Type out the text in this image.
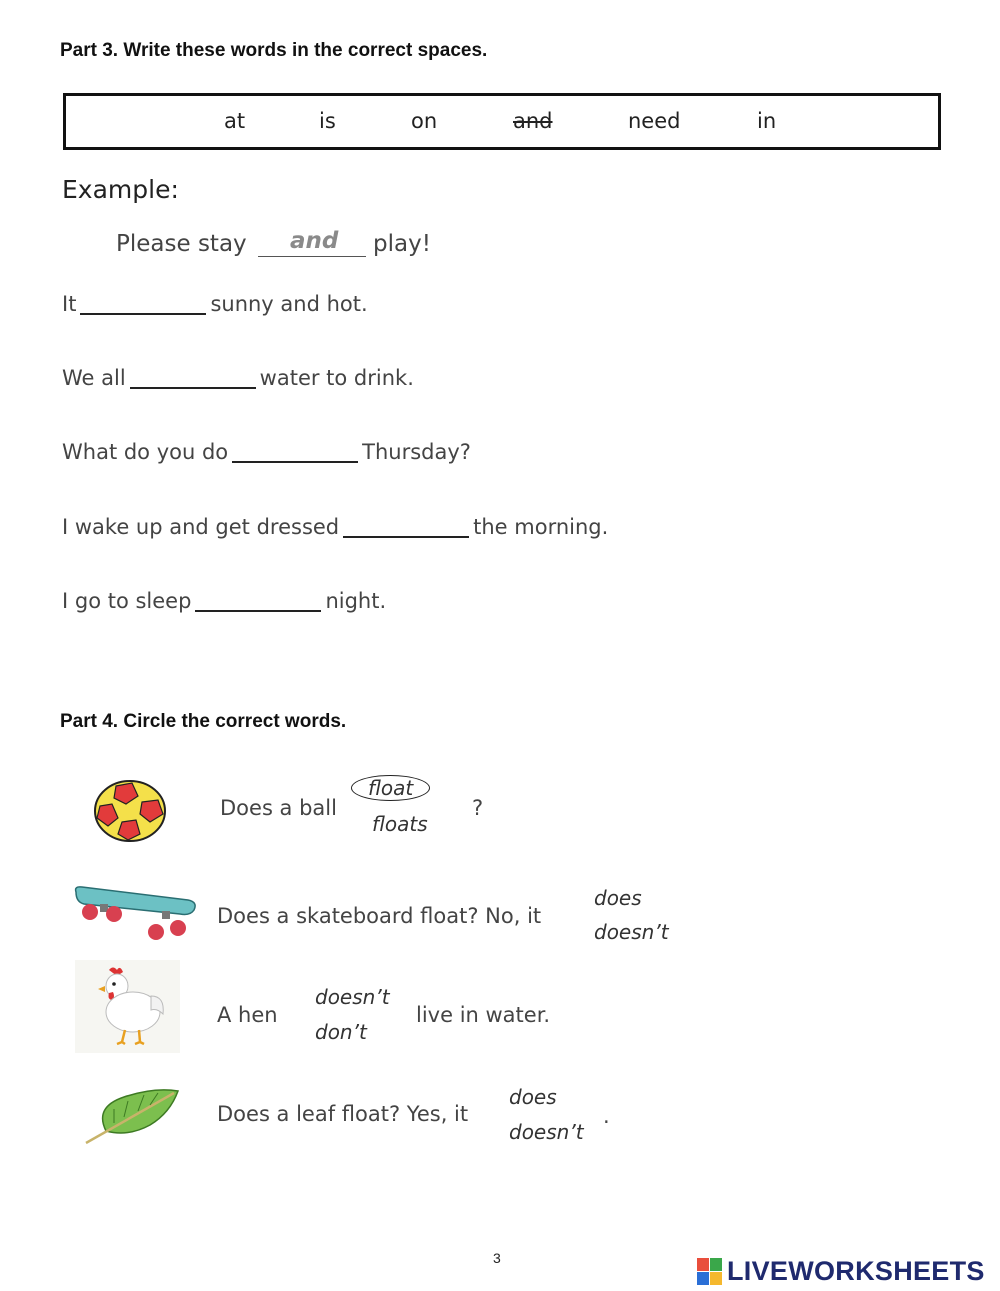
Part 3. Write these words in the correct spaces.
at	is	on	and	need	in
Example:
Please stay and play!
It	sunny and hot.
We all	water to drink.
What do you do	Thursday?
I wake up and get dressed	the morning.
I go to sleep	night.
Part 4. Circle the correct words.
Does a ball
float
floats
?
Does a skateboard float? No, it
does
doesn’t
A hen
doesn’t
don’t
live in water.
Does a leaf float? Yes, it
does
doesn’t
.
3	LIVEWORKSHEETS
